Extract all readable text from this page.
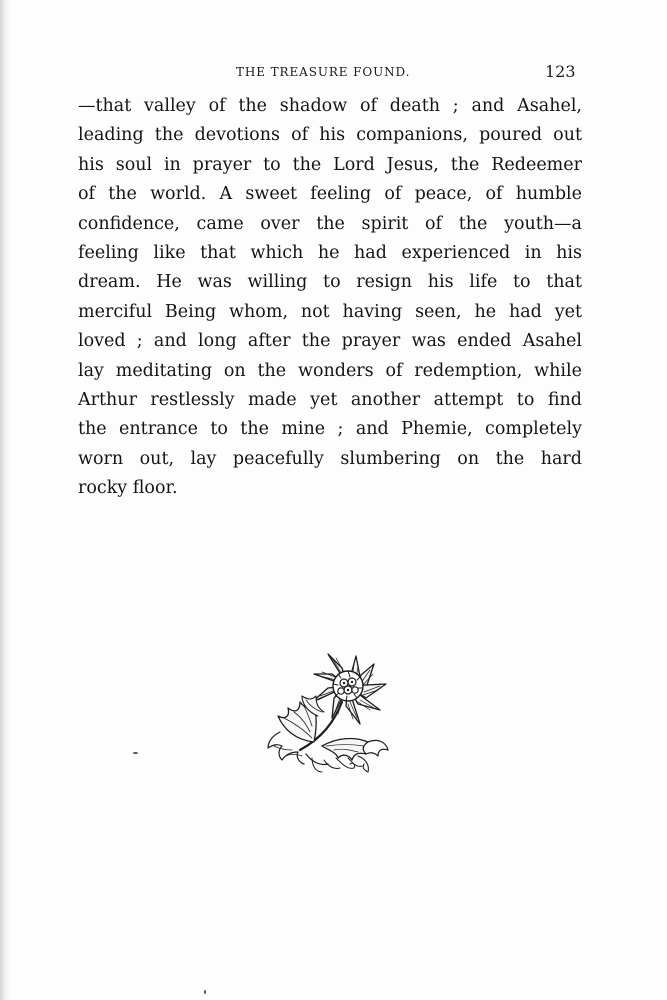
THE TREASURE FOUND.	123
—that valley of the shadow of death ; and Asahel,
leading the devotions of his companions, poured out
his soul in prayer to the Lord Jesus, the Redeemer
of the world. A sweet feeling of peace, of humble
confidence, came over the spirit of the youth—a
feeling like that which he had experienced in his
dream. He was willing to resign his life to that
merciful Being whom, not having seen, he had yet
loved ; and long after the prayer was ended Asahel
lay meditating on the wonders of redemption, while
Arthur restlessly made yet another attempt to find
the entrance to the mine ; and Phemie, completely
worn out, lay peacefully slumbering on the hard
rocky floor.
